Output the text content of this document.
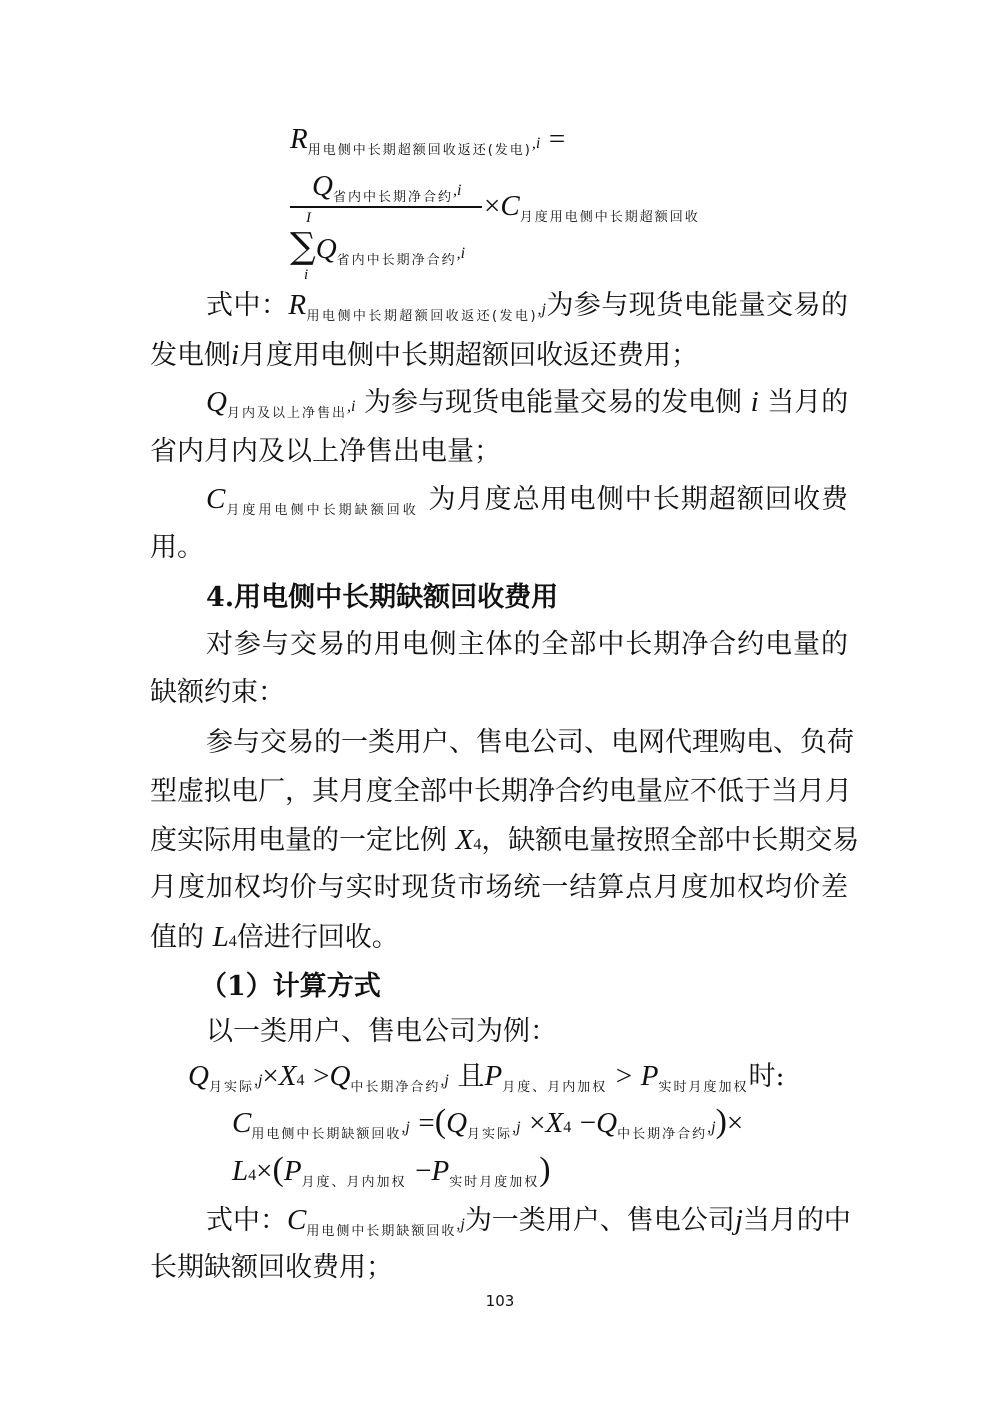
$R_{用电侧中长期超额回收返还(发电)},i$ =
$Q_{省内中长期净合约},i$
I
$\sum Q_{省内中长期净合约},i$
i
$\times C_{月度用电侧中长期超额回收}$
式中：$R_{用电侧中长期超额回收返还(发电)},j$为参与现货电能量交易的
发电侧i月度用电侧中长期超额回收返还费用；
$Q_{月内及以上净售出},i$ 为参与现货电能量交易的发电侧 i 当月的
省内月内及以上净售出电量；
$C_{月度用电侧中长期缺额回收}$ 为月度总用电侧中长期超额回收费
用。
4.用电侧中长期缺额回收费用
对参与交易的用电侧主体的全部中长期净合约电量的
缺额约束：
参与交易的一类用户、售电公司、电网代理购电、负荷
型虚拟电厂，其月度全部中长期净合约电量应不低于当月月
度实际用电量的一定比例 X4，缺额电量按照全部中长期交易
月度加权均价与实时现货市场统一结算点月度加权均价差
值的 L4倍进行回收。
（1）计算方式
以一类用户、售电公司为例：
$Q_{月实际},j\times X4 >Q_{中长期净合约},j$ 且$P_{月度、月内加权} > P_{实时月度加权}$时:
$C_{用电侧中长期缺额回收},j =(Q_{月实际},j \times X4 -Q_{中长期净合约},j)\times$
$L4\times(P_{月度、月内加权} -P_{实时月度加权})$
式中：$C_{用电侧中长期缺额回收},j$为一类用户、售电公司j当月的中
长期缺额回收费用；
103
